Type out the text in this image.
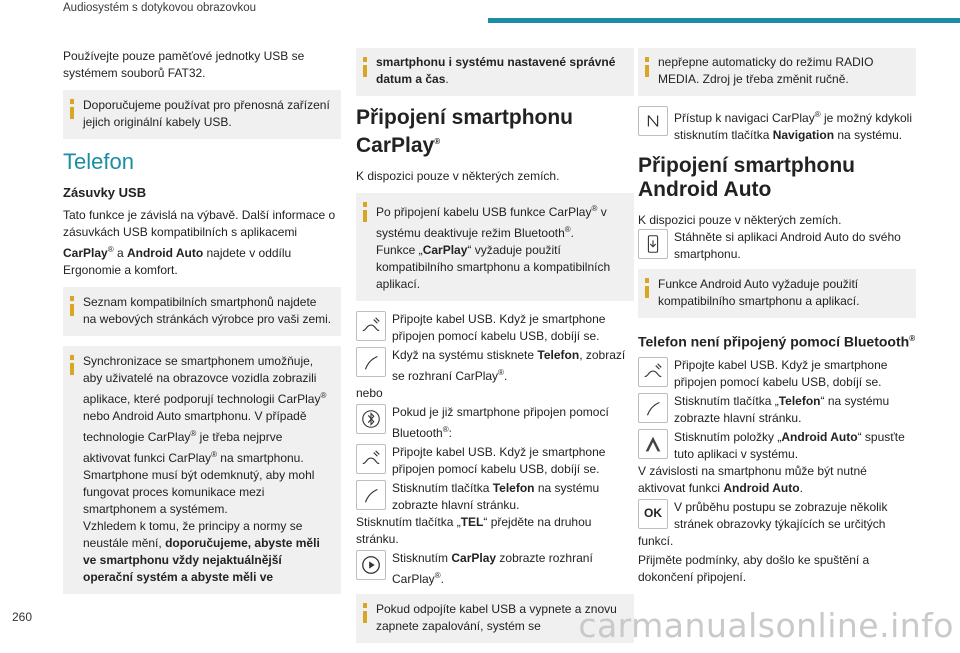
Audiosystém s dotykovou obrazovkou

Používejte pouze paměťové jednotky USB se systémem souborů FAT32.

Doporučujeme používat pro přenosná zařízení jejich originální kabely USB.
Telefon
Zásuvky USB

Tato funkce je závislá na výbavě. Další informace o zásuvkách USB kompatibilních s aplikacemi CarPlay® a Android Auto najdete v oddílu Ergonomie a komfort.

Seznam kompatibilních smartphonů najdete na webových stránkách výrobce pro vaši zemi.
Synchronizace se smartphonem umožňuje, aby uživatelé na obrazovce vozidla zobrazili aplikace, které podporují technologii CarPlay® nebo Android Auto smartphonu. V případě technologie CarPlay® je třeba nejprve aktivovat funkci CarPlay® na smartphonu.
Smartphone musí být odemknutý, aby mohl fungovat proces komunikace mezi smartphonem a systémem.
Vzhledem k tomu, že principy a normy se neustále mění, doporučujeme, abyste měli ve smartphonu vždy nejaktuálnější operační systém a abyste měli ve
smartphonu i systému nastavené správné datum a čas.
Připojení smartphonu CarPlay®

K dispozici pouze v některých zemích.

Po připojení kabelu USB funkce CarPlay® v systému deaktivuje režim Bluetooth®.
Funkce „CarPlay“ vyžaduje použití kompatibilního smartphonu a kompatibilních aplikací.
Připojte kabel USB. Když je smartphone připojen pomocí kabelu USB, dobíjí se.
Když na systému stisknete Telefon, zobrazí se rozhraní CarPlay®.
nebo
Pokud je již smartphone připojen pomocí Bluetooth®:
Připojte kabel USB. Když je smartphone připojen pomocí kabelu USB, dobíjí se.
Stisknutím tlačítka Telefon na systému zobrazte hlavní stránku.

Stisknutím tlačítka „TEL“ přejděte na druhou stránku.

Stisknutím CarPlay zobrazte rozhraní CarPlay®.
Pokud odpojíte kabel USB a vypnete a znovu zapnete zapalování, systém se
nepřepne automaticky do režimu RADIO MEDIA. Zdroj je třeba změnit ručně.
Přístup k navigaci CarPlay® je možný kdykoli stisknutím tlačítka Navigation na systému.
Připojení smartphonu Android Auto

K dispozici pouze v některých zemích.

Stáhněte si aplikaci Android Auto do svého smartphonu.
Funkce Android Auto vyžaduje použití kompatibilního smartphonu a aplikací.
Telefon není připojený pomocí Bluetooth®
Připojte kabel USB. Když je smartphone připojen pomocí kabelu USB, dobíjí se.
Stisknutím tlačítka „Telefon“ na systému zobrazte hlavní stránku.
Stisknutím položky „Android Auto“ spusťte tuto aplikaci v systému.

V závislosti na smartphonu může být nutné aktivovat funkci Android Auto.

OK	V průběhu postupu se zobrazuje několik stránek obrazovky týkajících se určitých funkcí.

Přijměte podmínky, aby došlo ke spuštění a dokončení připojení.

260	carmanualsonline.info
